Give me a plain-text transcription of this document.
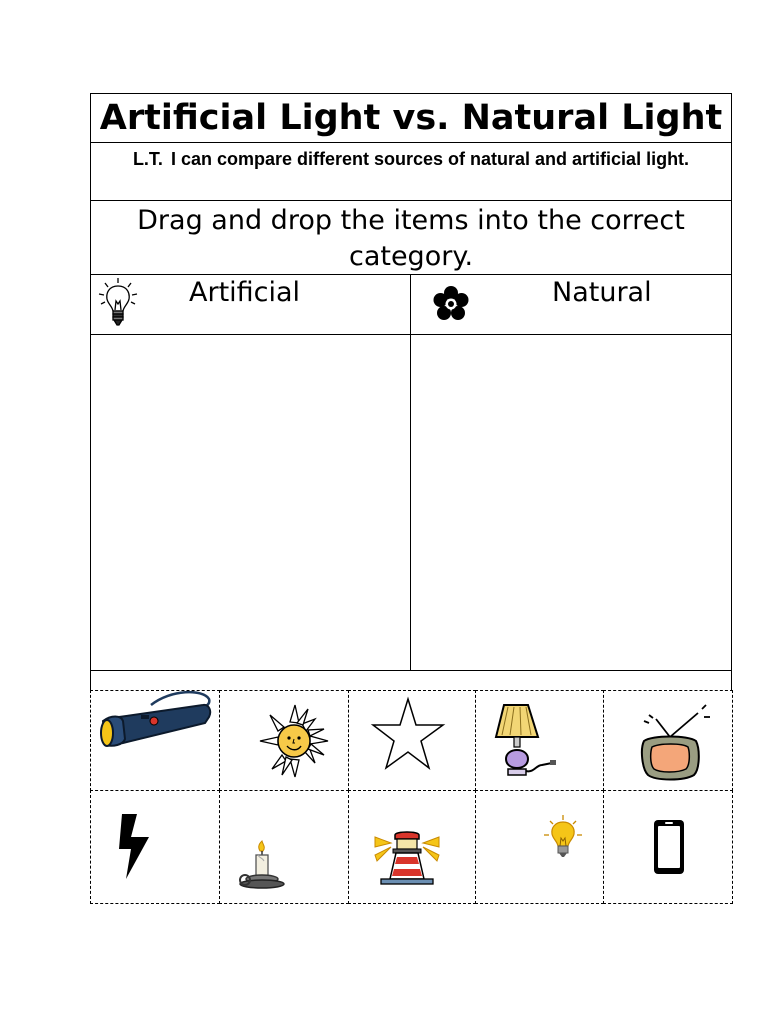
Artificial Light vs. Natural Light
L.T. I can compare different sources of natural and artificial light.
Drag and drop the items into the correct category.
Artificial	Natural
